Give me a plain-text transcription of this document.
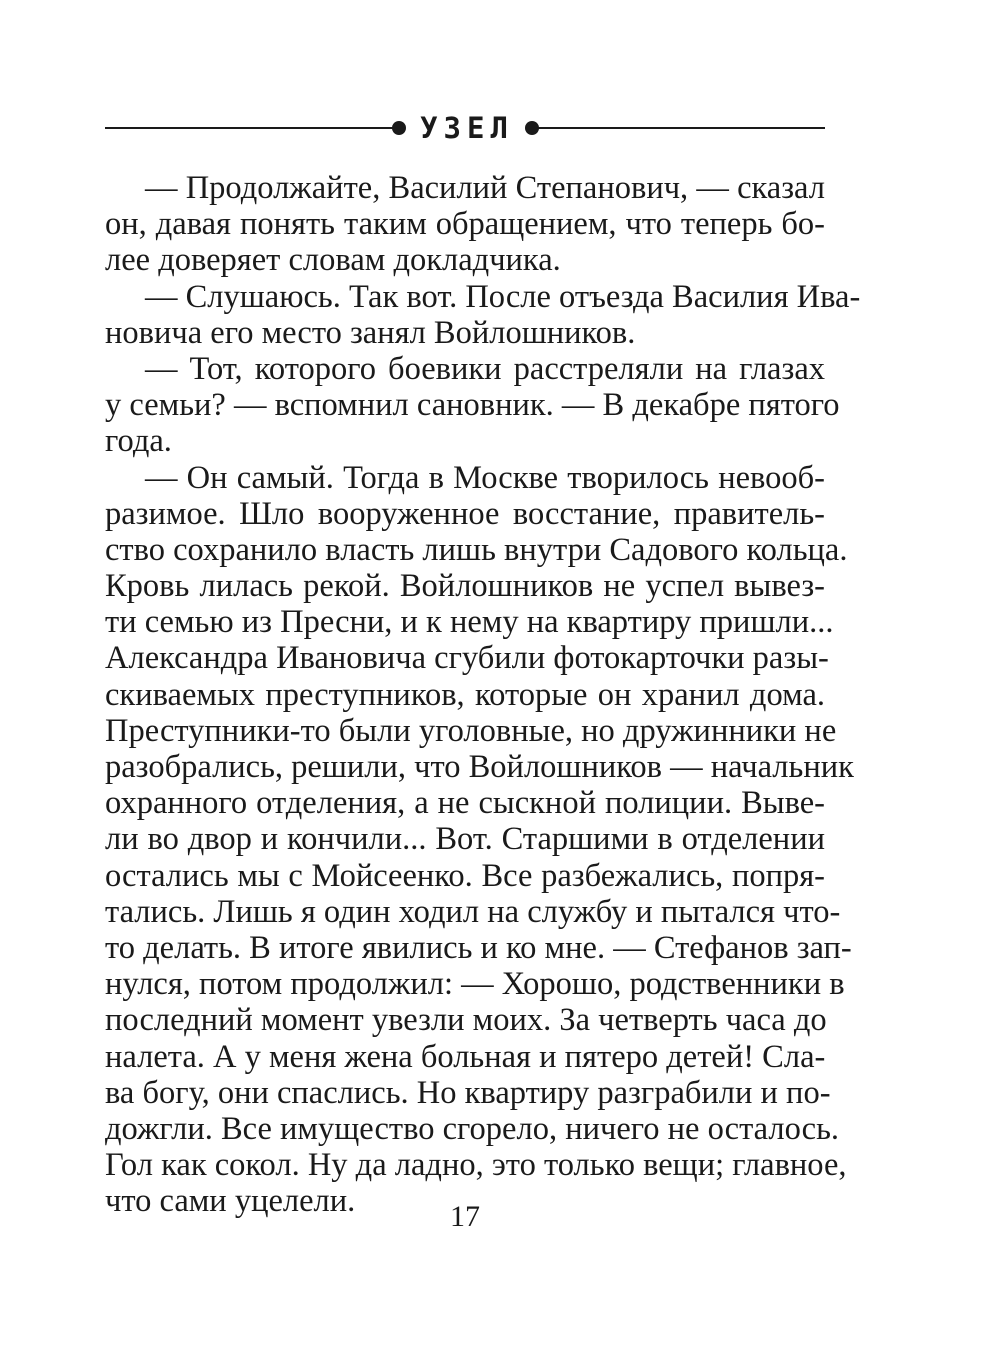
УЗЕЛ
— Продолжайте, Василий Степанович, — сказал
он, давая понять таким обращением, что теперь бо-
лее доверяет словам докладчика.
— Слушаюсь. Так вот. После отъезда Василия Ива-
новича его место занял Войлошников.
— Тот, которого боевики расстреляли на глазах
у семьи? — вспомнил сановник. — В декабре пятого
года.
— Он самый. Тогда в Москве творилось невооб-
разимое. Шло вооруженное восстание, правитель-
ство сохранило власть лишь внутри Садового кольца.
Кровь лилась рекой. Войлошников не успел вывез-
ти семью из Пресни, и к нему на квартиру пришли...
Александра Ивановича сгубили фотокарточки разы-
скиваемых преступников, которые он хранил дома.
Преступники-то были уголовные, но дружинники не
разобрались, решили, что Войлошников — начальник
охранного отделения, а не сыскной полиции. Выве-
ли во двор и кончили... Вот. Старшими в отделении
остались мы с Мойсеенко. Все разбежались, попря-
тались. Лишь я один ходил на службу и пытался что-
то делать. В итоге явились и ко мне. — Стефанов зап-
нулся, потом продолжил: — Хорошо, родственники в
последний момент увезли моих. За четверть часа до
налета. А у меня жена больная и пятеро детей! Сла-
ва богу, они спаслись. Но квартиру разграбили и по-
дожгли. Все имущество сгорело, ничего не осталось.
Гол как сокол. Ну да ладно, это только вещи; главное,
что сами уцелели.	17
